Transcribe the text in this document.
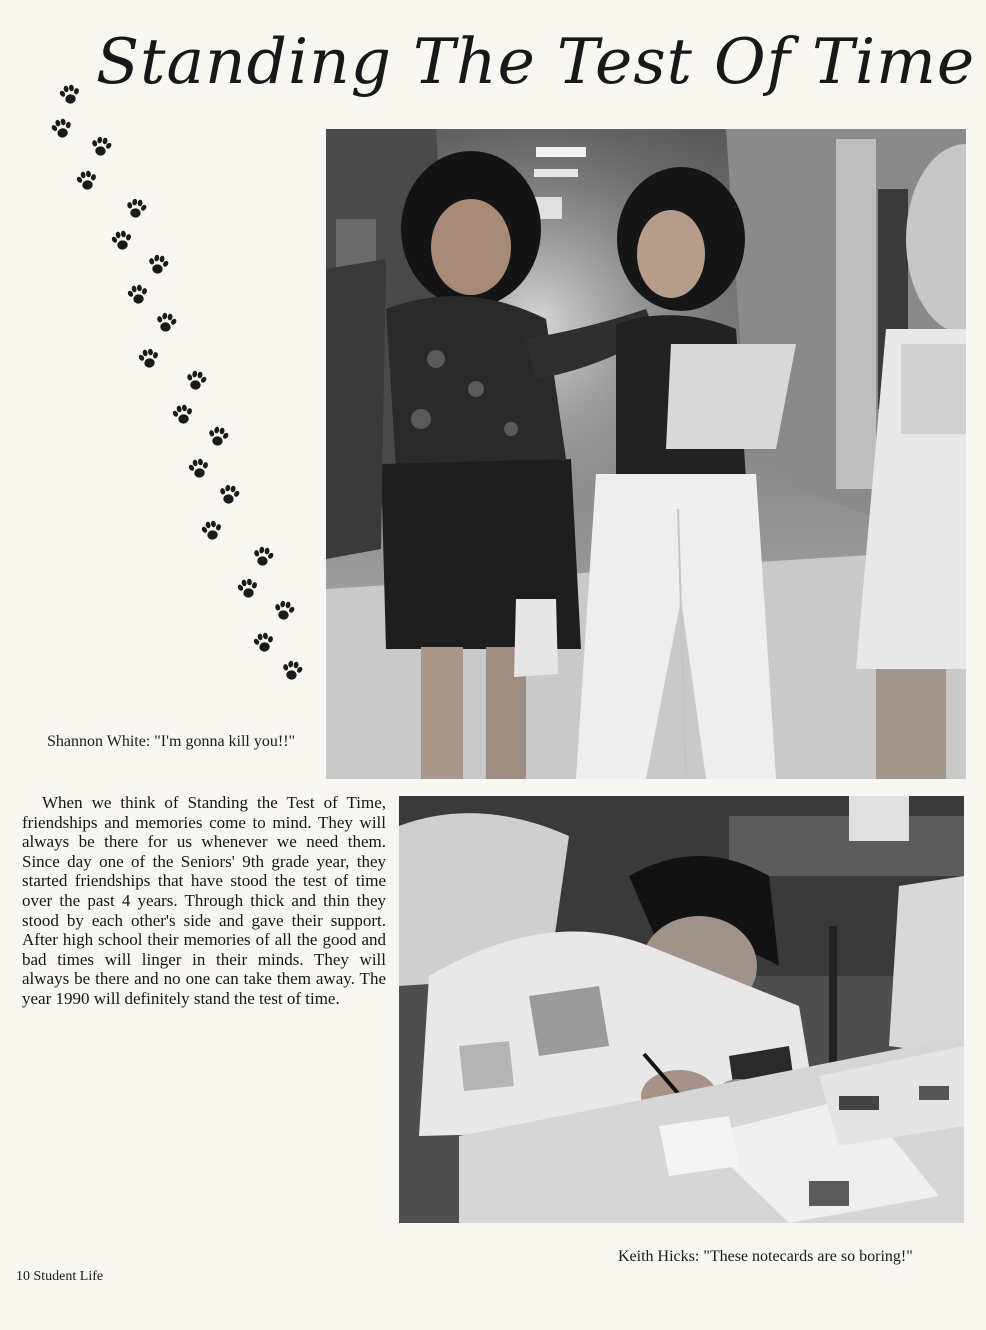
Standing The Test Of Time
Shannon White: "I'm gonna kill you!!"

When we think of Standing the Test of Time, friendships and memories come to mind. They will always be there for us whenever we need them. Since day one of the Seniors' 9th grade year, they started friendships that have stood the test of time over the past 4 years. Through thick and thin they stood by each other's side and gave their support. After high school their memories of all the good and bad times will linger in their minds. They will always be there and no one can take them away. The year 1990 will definitely stand the test of time.

Keith Hicks: "These notecards are so boring!"
10 Student Life
